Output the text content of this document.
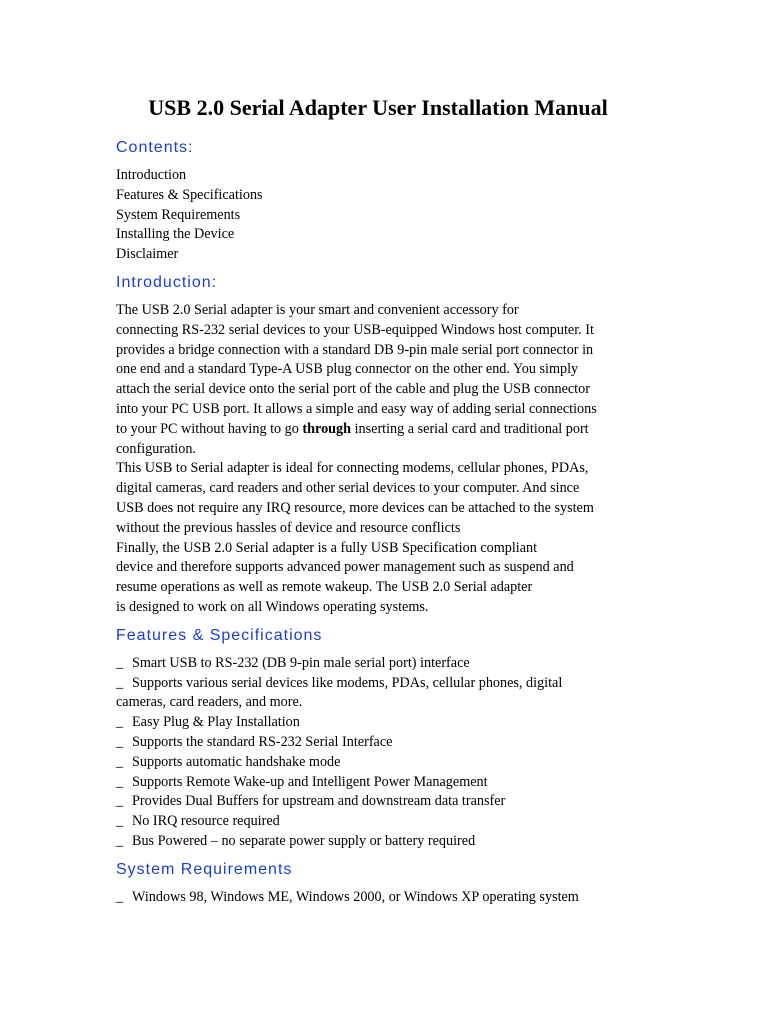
USB 2.0 Serial Adapter User Installation Manual
Contents:
Introduction
Features & Specifications
System Requirements
Installing the Device
Disclaimer
Introduction:
The USB 2.0 Serial adapter is your smart and convenient accessory for
connecting RS-232 serial devices to your USB-equipped Windows host computer. It
provides a bridge connection with a standard DB 9-pin male serial port connector in
one end and a standard Type-A USB plug connector on the other end. You simply
attach the serial device onto the serial port of the cable and plug the USB connector
into your PC USB port. It allows a simple and easy way of adding serial connections
to your PC without having to go through inserting a serial card and traditional port
configuration.
This USB to Serial adapter is ideal for connecting modems, cellular phones, PDAs,
digital cameras, card readers and other serial devices to your computer. And since
USB does not require any IRQ resource, more devices can be attached to the system
without the previous hassles of device and resource conflicts
Finally, the USB 2.0 Serial adapter is a fully USB Specification compliant
device and therefore supports advanced power management such as suspend and
resume operations as well as remote wakeup. The USB 2.0 Serial adapter
is designed to work on all Windows operating systems.
Features & Specifications
_ Smart USB to RS-232 (DB 9-pin male serial port) interface
_ Supports various serial devices like modems, PDAs, cellular phones, digital
cameras, card readers, and more.
_ Easy Plug & Play Installation
_ Supports the standard RS-232 Serial Interface
_ Supports automatic handshake mode
_ Supports Remote Wake-up and Intelligent Power Management
_ Provides Dual Buffers for upstream and downstream data transfer
_ No IRQ resource required
_ Bus Powered – no separate power supply or battery required
System Requirements
_ Windows 98, Windows ME, Windows 2000, or Windows XP operating system
